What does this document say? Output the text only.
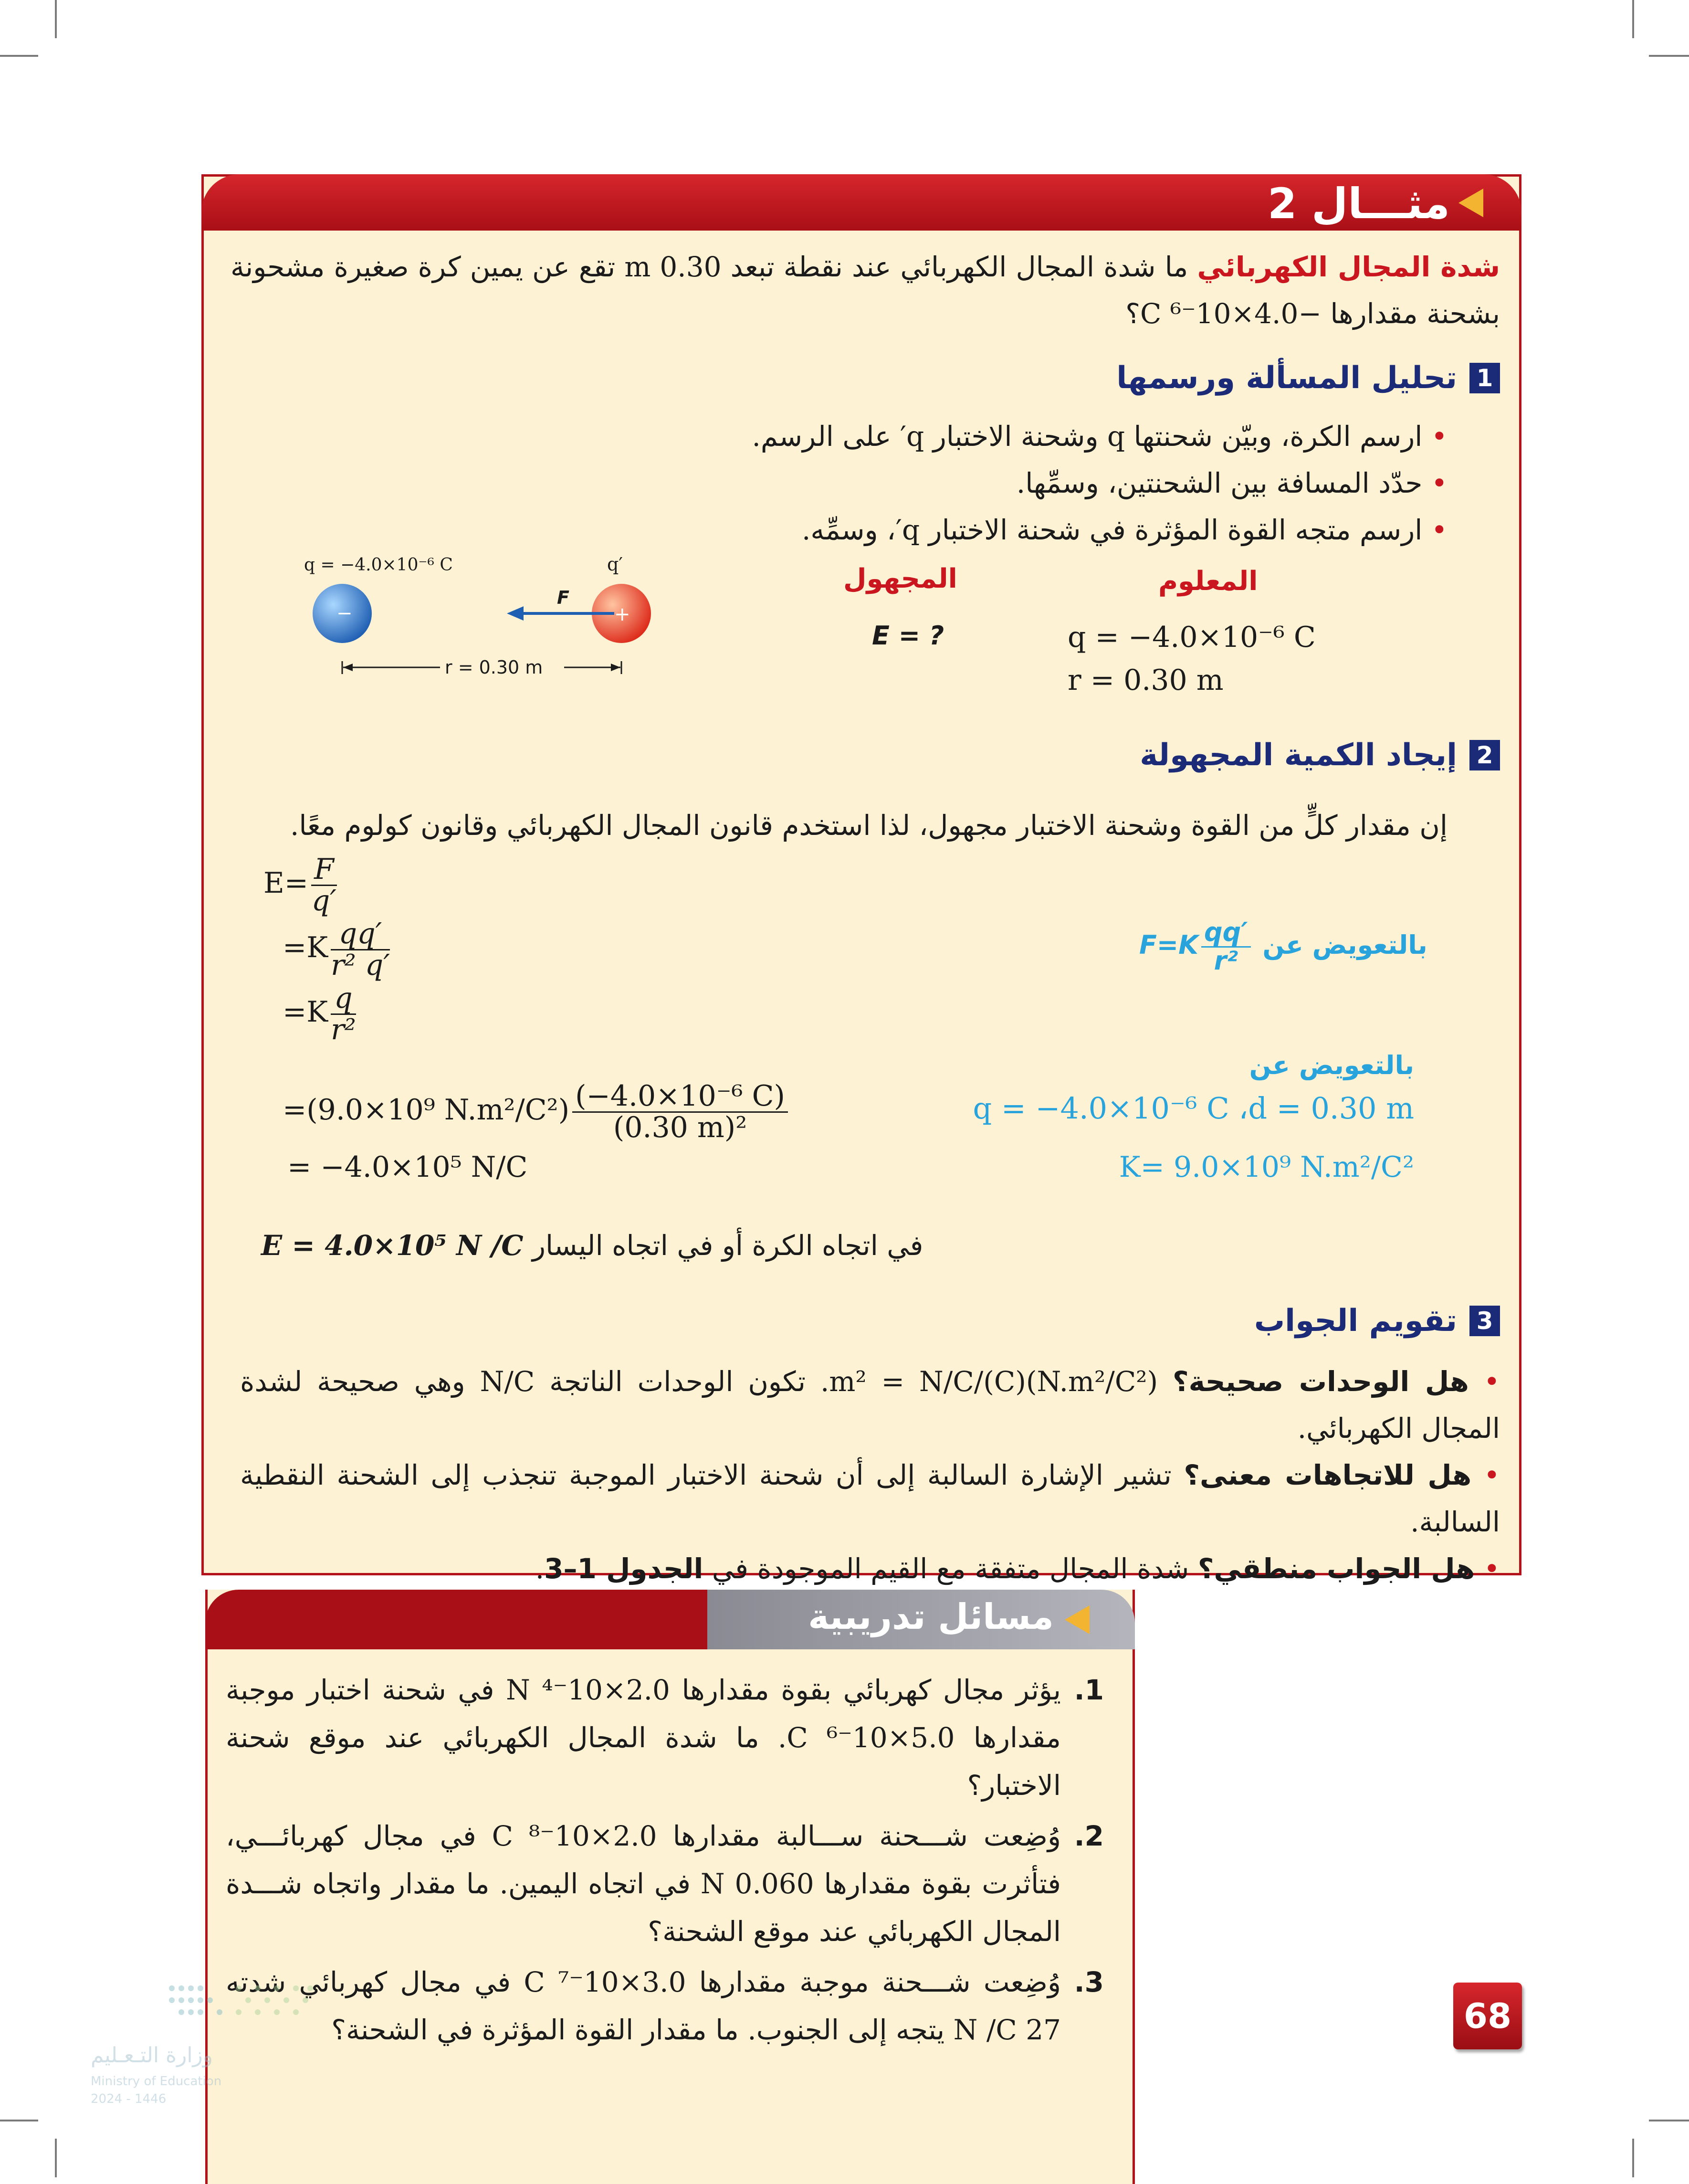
مثـــال 2
شدة المجال الكهربائي ما شدة المجال الكهربائي عند نقطة تبعد 0.30 m تقع عن يمين كرة صغيرة مشحونة بشحنة مقدارها −4.0×10⁻⁶ C؟
1
تحليل المسألة ورسمها
• ارسم الكرة، وبيّن شحنتها q وشحنة الاختبار q′ على الرسم.
• حدّد المسافة بين الشحنتين، وسمِّها.
• ارسم متجه القوة المؤثرة في شحنة الاختبار q′، وسمِّه.
q = −4.0×10⁻⁶ C	q′
−	+
F
r = 0.30 m
المجهول	المعلوم
E = ?	q = −4.0×10⁻⁶ C
r = 0.30 m
2
إيجاد الكمية المجهولة
إن مقدار كلٍّ من القوة وشحنة الاختبار مجهول، لذا استخدم قانون المجال الكهربائي وقانون كولوم معًا.
$E= \frac{F}{q'}$
$=K \frac{qq'}{\text{r² q′}}$
$=K \frac{q}{\text{r²}}$
$F=K \frac{qq'}{\text{r²}}$ بالتعويض عن
بالتعويض عن
=(9.0×10⁹ $N.m^2/C^2) \frac{\text{(−4.0×10⁻⁶ C)}}{\text{(0.30 m)²}}$	q = −4.0×10⁻⁶ C ،d = 0.30 m
K= 9.0×10⁹ N.m²/C²
= −4.0×10⁵ N/C
في اتجاه الكرة أو في اتجاه اليسار E = 4.0×10⁵ N /C
3
تقويم الجواب
• هل الوحدات صحيحة؟ (N.m²/C²)(C)/m² = N/C. تكون الوحدات الناتجة N/C وهي صحيحة لشدة المجال الكهربائي.
• هل للاتجاهات معنى؟ تشير الإشارة السالبة إلى أن شحنة الاختبار الموجبة تنجذب إلى الشحنة النقطية السالبة.
• هل الجواب منطقي؟ شدة المجال متفقة مع القيم الموجودة في الجدول 1–3.
مسائل تدريبية
1.
يؤثر مجال كهربائي بقوة مقدارها 2.0×10⁻⁴ N في شحنة اختبار موجبة مقدارها 5.0×10⁻⁶ C. ما شدة المجال الكهربائي عند موقع شحنة الاختبار؟
2.
وُضِعت شـــحنة ســـالبة مقدارها 2.0×10⁻⁸ C في مجال كهربائـــي، فتأثرت بقوة مقدارها 0.060 N في اتجاه اليمين. ما مقدار واتجاه شـــدة المجال الكهربائي عند موقع الشحنة؟
3.
وُضِعت شـــحنة موجبة مقدارها 3.0×10⁻⁷ C في مجال كهربائي شدته 27 N /C يتجه إلى الجنوب. ما مقدار القوة المؤثرة في الشحنة؟
وزارة التـعـليم
Ministry of Education
2024 - 1446
68
